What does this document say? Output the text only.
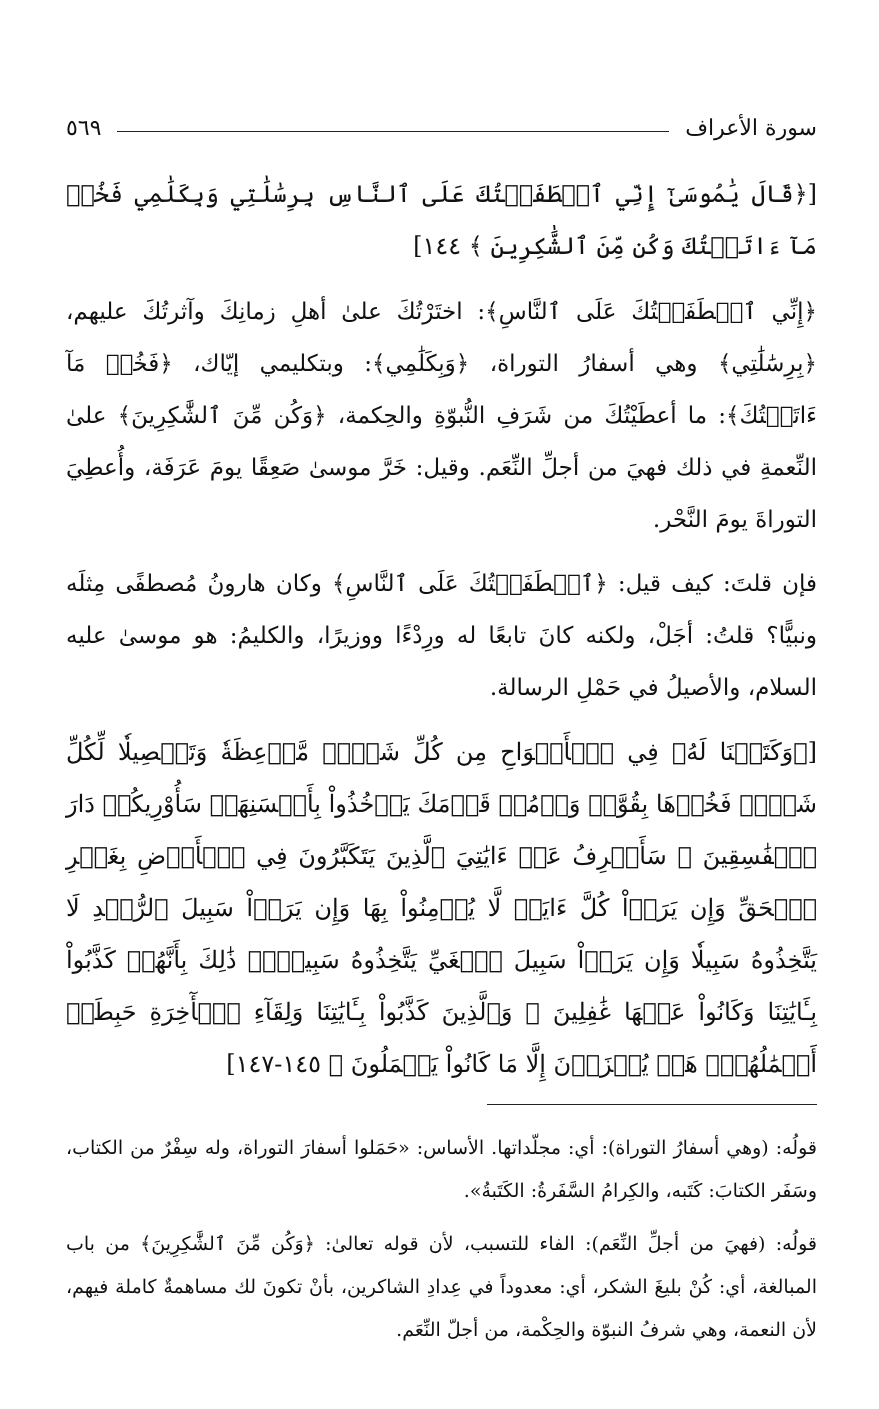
سورة الأعراف
٥٦٩

[﴿قَالَ يَٰمُوسَىٰٓ إِنِّي ٱصۡطَفَيۡتُكَ عَلَى ٱلنَّاسِ بِرِسَٰلَٰتِي وَبِكَلَٰمِي فَخُذۡ مَآ ءَاتَيۡتُكَ وَكُن مِّنَ ٱلشَّٰكِرِينَ ﴾ ١٤٤]

﴿إِنِّي ٱصۡطَفَيۡتُكَ عَلَى ٱلنَّاسِ﴾: اختَرْتُكَ علىٰ أهلِ زمانِكَ وآثرتُكَ عليهم، ﴿بِرِسَٰلَٰتِي﴾ وهي أسفارُ التوراة، ﴿وَبِكَلَٰمِي﴾: وبتكليمي إيّاك، ﴿فَخُذۡ مَآ ءَاتَيۡتُكَ﴾: ما أعطَيْتُكَ من شَرَفِ النُّبوّةِ والحِكمة، ﴿وَكُن مِّنَ ٱلشَّٰكِرِينَ﴾ علىٰ النِّعمةِ في ذلك فهيَ من أجلِّ النِّعَم. وقيل: خَرَّ موسىٰ صَعِقًا يومَ عَرَفَة، وأُعطِيَ التوراةَ يومَ النَّحْر.

فإن قلتَ: كيف قيل: ﴿ٱصۡطَفَيۡتُكَ عَلَى ٱلنَّاسِ﴾ وكان هارونُ مُصطفًى مِثلَه ونبيًّا؟ قلتُ: أجَلْ، ولكنه كانَ تابعًا له ورِدْءًا ووزيرًا، والكليمُ: هو موسىٰ عليه السلام، والأصيلُ في حَمْلِ الرسالة.

[﴿وَكَتَبۡنَا لَهُۥ فِي ٱلۡأَلۡوَاحِ مِن كُلِّ شَيۡءٖ مَّوۡعِظَةٗ وَتَفۡصِيلٗا لِّكُلِّ شَيۡءٖ فَخُذۡهَا بِقُوَّةٖ وَأۡمُرۡ قَوۡمَكَ يَأۡخُذُواْ بِأَحۡسَنِهَاۚ سَأُوْرِيكُمۡ دَارَ ٱلۡفَٰسِقِينَ ۞ سَأَصۡرِفُ عَنۡ ءَايَٰتِيَ ٱلَّذِينَ يَتَكَبَّرُونَ فِي ٱلۡأَرۡضِ بِغَيۡرِ ٱلۡحَقِّ وَإِن يَرَوۡاْ كُلَّ ءَايَةٖ لَّا يُؤۡمِنُواْ بِهَا وَإِن يَرَوۡاْ سَبِيلَ ٱلرُّشۡدِ لَا يَتَّخِذُوهُ سَبِيلٗا وَإِن يَرَوۡاْ سَبِيلَ ٱلۡغَيِّ يَتَّخِذُوهُ سَبِيلٗاۚ ذَٰلِكَ بِأَنَّهُمۡ كَذَّبُواْ بِـَٔايَٰتِنَا وَكَانُواْ عَنۡهَا غَٰفِلِينَ ۞ وَٱلَّذِينَ كَذَّبُواْ بِـَٔايَٰتِنَا وَلِقَآءِ ٱلۡأٓخِرَةِ حَبِطَتۡ أَعۡمَٰلُهُمۡۚ هَلۡ يُجۡزَوۡنَ إِلَّا مَا كَانُواْ يَعۡمَلُونَ ﴾ ١٤٥-١٤٧]

قولُه: (وهي أسفارُ التوراة): أي: مجلّداتها. الأساس: «حَمَلوا أسفارَ التوراة، وله سِفْرٌ من الكتاب، وسَفَر الكتابَ: كَتَبه، والكِرامُ السَّفَرةُ: الكَتَبةُ».

قولُه: (فهيَ من أجلِّ النِّعَم): الفاء للتسبب، لأن قوله تعالىٰ: ﴿وَكُن مِّنَ ٱلشَّٰكِرِينَ﴾ من باب المبالغة، أي: كُنْ بليغَ الشكر، أي: معدوداً في عِدادِ الشاكرين، بأنْ تكونَ لك مساهمةٌ كاملة فيهم، لأن النعمة، وهي شرفُ النبوّة والحِكْمة، من أجلّ النِّعَم.
